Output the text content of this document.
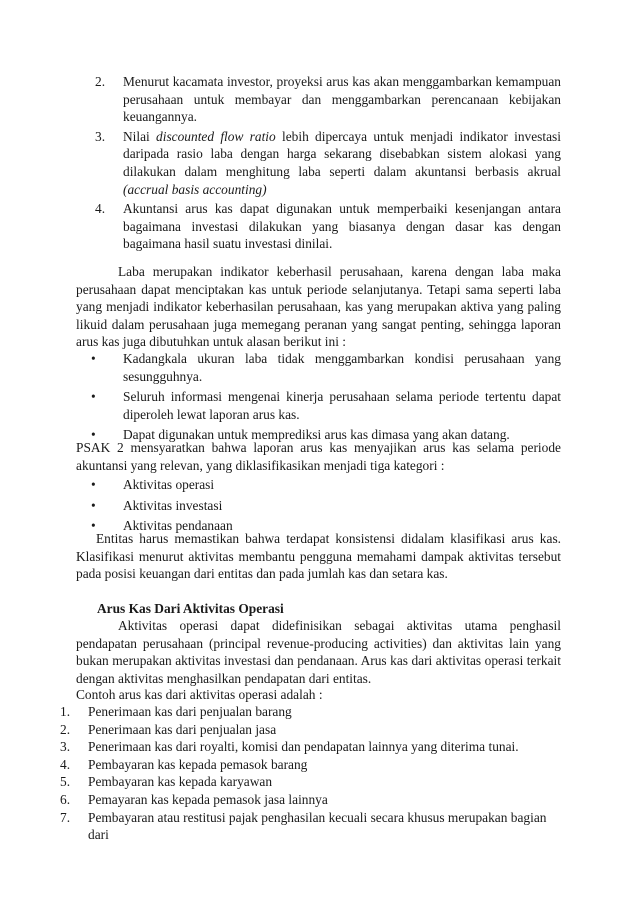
2. Menurut kacamata investor, proyeksi arus kas akan menggambarkan kemampuan perusahaan untuk membayar dan menggambarkan perencanaan kebijakan keuangannya.
3. Nilai discounted flow ratio lebih dipercaya untuk menjadi indikator investasi daripada rasio laba dengan harga sekarang disebabkan sistem alokasi yang dilakukan dalam menghitung laba seperti dalam akuntansi berbasis akrual (accrual basis accounting)
4. Akuntansi arus kas dapat digunakan untuk memperbaiki kesenjangan antara bagaimana investasi dilakukan yang biasanya dengan dasar kas dengan bagaimana hasil suatu investasi dinilai.
Laba merupakan indikator keberhasil perusahaan, karena dengan laba maka perusahaan dapat menciptakan kas untuk periode selanjutanya. Tetapi sama seperti laba yang menjadi indikator keberhasilan perusahaan, kas yang merupakan aktiva yang paling likuid dalam perusahaan juga memegang peranan yang sangat penting, sehingga laporan arus kas juga dibutuhkan untuk alasan berikut ini :
• Kadangkala ukuran laba tidak menggambarkan kondisi perusahaan yang sesungguhnya.
• Seluruh informasi mengenai kinerja perusahaan selama periode tertentu dapat diperoleh lewat laporan arus kas.
• Dapat digunakan untuk memprediksi arus kas dimasa yang akan datang.
PSAK 2 mensyaratkan bahwa laporan arus kas menyajikan arus kas selama periode akuntansi yang relevan, yang diklasifikasikan menjadi tiga kategori :
• Aktivitas operasi
• Aktivitas investasi
• Aktivitas pendanaan
Entitas harus memastikan bahwa terdapat konsistensi didalam klasifikasi arus kas. Klasifikasi menurut aktivitas membantu pengguna memahami dampak aktivitas tersebut pada posisi keuangan dari entitas dan pada jumlah kas dan setara kas.
Arus Kas Dari Aktivitas Operasi
Aktivitas operasi dapat didefinisikan sebagai aktivitas utama penghasil pendapatan perusahaan (principal revenue-producing activities) dan aktivitas lain yang bukan merupakan aktivitas investasi dan pendanaan. Arus kas dari aktivitas operasi terkait dengan aktivitas menghasilkan pendapatan dari entitas.
Contoh arus kas dari aktivitas operasi adalah :
1. Penerimaan kas dari penjualan barang
2. Penerimaan kas dari penjualan jasa
3. Penerimaan kas dari royalti, komisi dan pendapatan lainnya yang diterima tunai.
4. Pembayaran kas kepada pemasok barang
5. Pembayaran kas kepada karyawan
6. Pemayaran kas kepada pemasok jasa lainnya
7. Pembayaran atau restitusi pajak penghasilan kecuali secara khusus merupakan bagian dari
